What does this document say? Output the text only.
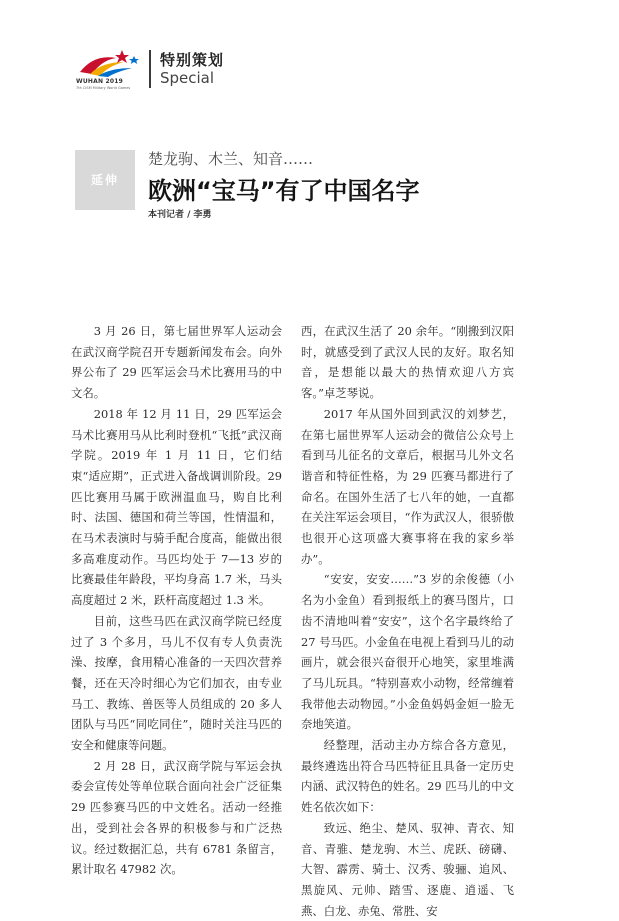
WUHAN 2019
7th CISM Military World Games
特别策划
Special
延伸
楚龙驹、木兰、知音……
欧洲“宝马”有了中国名字
本刊记者 / 李勇

3 月 26 日，第七届世界军人运动会在武汉商学院召开专题新闻发布会。向外界公布了 29 匹军运会马术比赛用马的中文名。

2018 年 12 月 11 日，29 匹军运会马术比赛用马从比利时登机“飞抵”武汉商学院。2019 年 1 月 11 日，它们结束“适应期”，正式进入备战调训阶段。29 匹比赛用马属于欧洲温血马，购自比利时、法国、德国和荷兰等国，性情温和，在马术表演时与骑手配合度高，能做出很多高难度动作。马匹均处于 7—13 岁的比赛最佳年龄段，平均身高 1.7 米，马头高度超过 2 米，跃杆高度超过 1.3 米。

目前，这些马匹在武汉商学院已经度过了 3 个多月，马儿不仅有专人负责洗澡、按摩，食用精心准备的一天四次营养餐，还在天冷时细心为它们加衣，由专业马工、教练、兽医等人员组成的 20 多人团队与马匹“同吃同住”，随时关注马匹的安全和健康等问题。

2 月 28 日，武汉商学院与军运会执委会宣传处等单位联合面向社会广泛征集 29 匹参赛马匹的中文姓名。活动一经推出，受到社会各界的积极参与和广泛热议。经过数据汇总，共有 6781 条留言，累计取名 47982 次。

西，在武汉生活了 20 余年。“刚搬到汉阳时，就感受到了武汉人民的友好。取名知音，是想能以最大的热情欢迎八方宾客。”卓芝琴说。

2017 年从国外回到武汉的刘梦艺，在第七届世界军人运动会的微信公众号上看到马儿征名的文章后，根据马儿外文名谐音和特征性格，为 29 匹赛马都进行了命名。在国外生活了七八年的她，一直都在关注军运会项目，“作为武汉人，很骄傲也很开心这项盛大赛事将在我的家乡举办”。

“安安，安安……”3 岁的余俊德（小名为小金鱼）看到报纸上的赛马图片，口齿不清地叫着“安安”，这个名字最终给了 27 号马匹。小金鱼在电视上看到马儿的动画片，就会很兴奋很开心地笑，家里堆满了马儿玩具。“特别喜欢小动物，经常缠着我带他去动物园。”小金鱼妈妈金姮一脸无奈地笑道。

经整理，活动主办方综合各方意见，最终遴选出符合马匹特征且具备一定历史内涵、武汉特色的姓名。29 匹马儿的中文姓名依次如下：

致远、绝尘、楚风、驭神、青衣、知音、青骓、楚龙驹、木兰、虎跃、磅礴、大智、霹雳、骑士、汉秀、骏骊、追风、黑旋风、元帅、踏雪、逐鹿、逍遥、飞燕、白龙、赤兔、常胜、安
